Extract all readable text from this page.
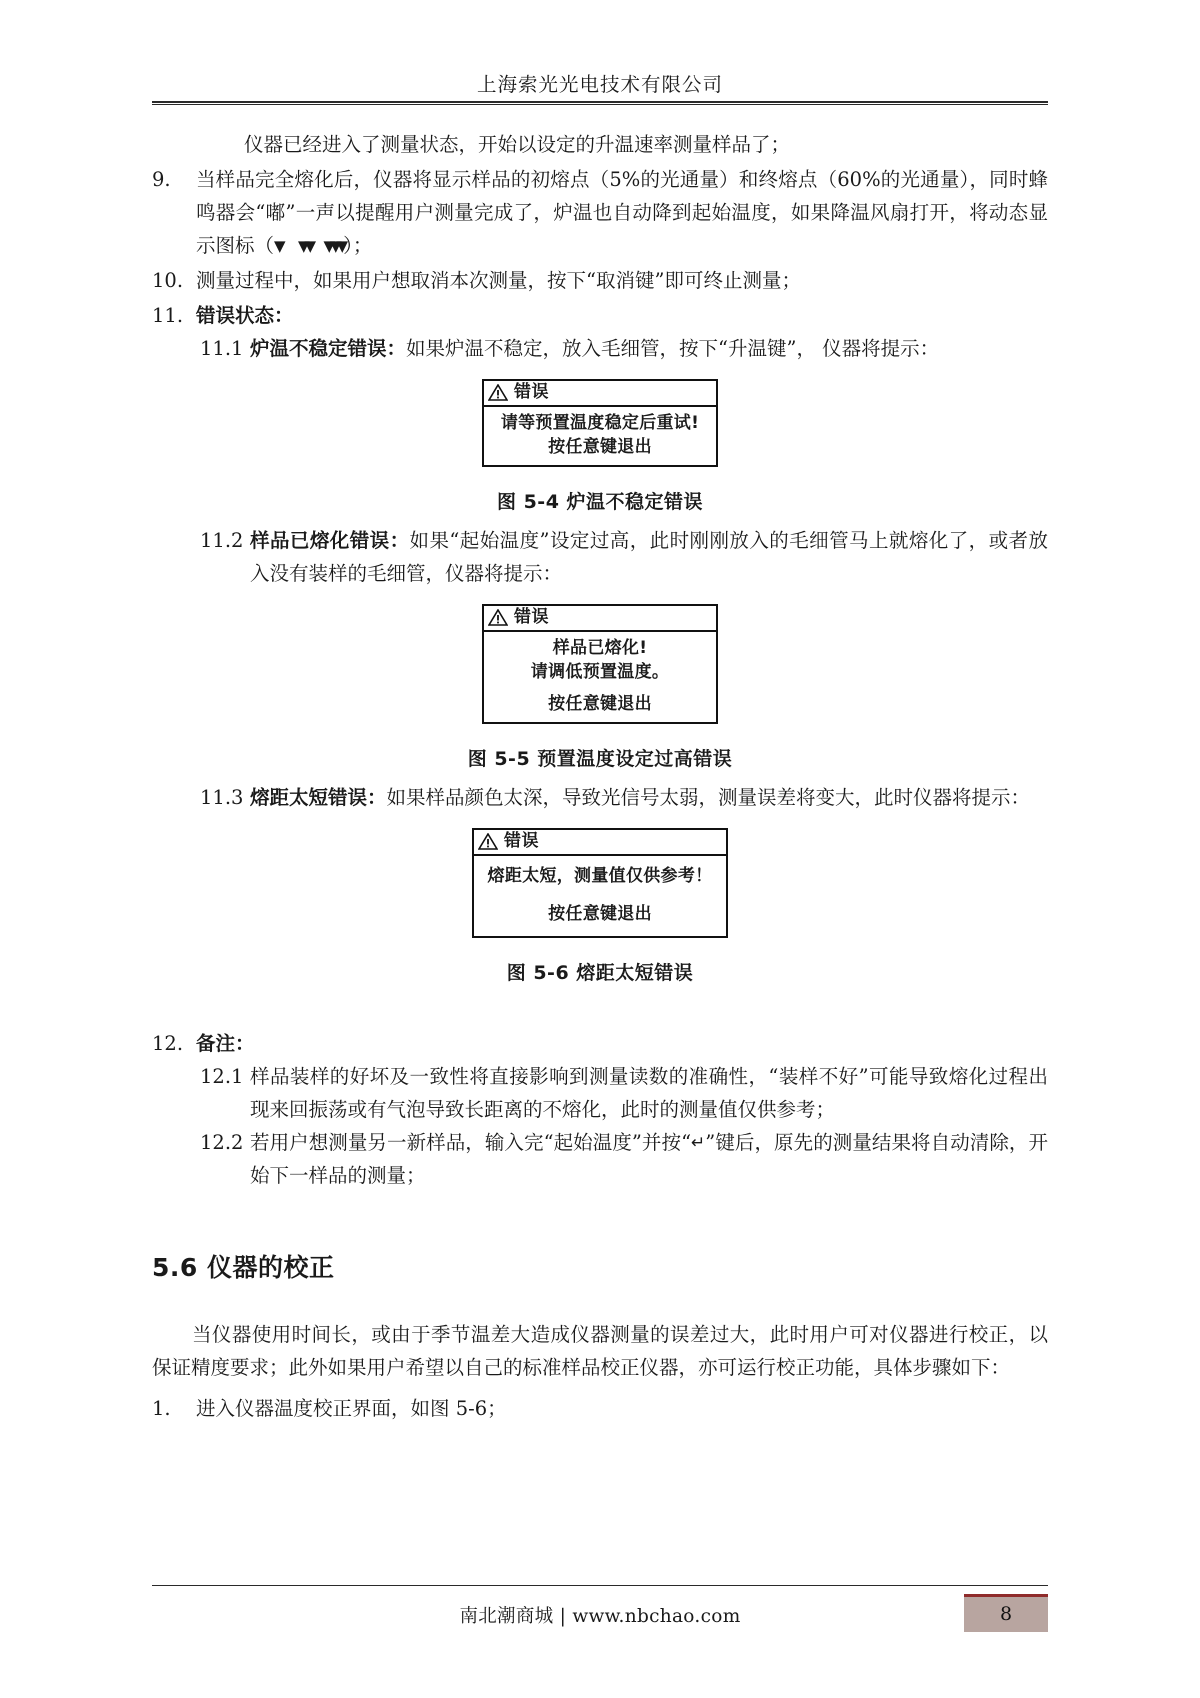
上海索光光电技术有限公司
仪器已经进入了测量状态，开始以设定的升温速率测量样品了；
9.	当样品完全熔化后，仪器将显示样品的初熔点（5%的光通量）和终熔点（60%的光通量），同时蜂鸣器会“嘟”一声以提醒用户测量完成了，炉温也自动降到起始温度，如果降温风扇打开，将动态显示图标（▼ ▼▼ ▼▼▼）；
10. 测量过程中，如果用户想取消本次测量，按下“取消键”即可终止测量；
11. 错误状态：
11.1 炉温不稳定错误：如果炉温不稳定，放入毛细管，按下“升温键”， 仪器将提示：
错误
请等预置温度稳定后重试!
按任意键退出
图 5-4 炉温不稳定错误
11.2 样品已熔化错误：如果“起始温度”设定过高，此时刚刚放入的毛细管马上就熔化了，或者放入没有装样的毛细管，仪器将提示：
错误
样品已熔化!
请调低预置温度。
按任意键退出
图 5-5 预置温度设定过高错误
11.3 熔距太短错误：如果样品颜色太深，导致光信号太弱，测量误差将变大，此时仪器将提示：
错误
熔距太短，测量值仅供参考！
按任意键退出
图 5-6 熔距太短错误
12. 备注：
12.1 样品装样的好坏及一致性将直接影响到测量读数的准确性，“装样不好”可能导致熔化过程出现来回振荡或有气泡导致长距离的不熔化，此时的测量值仅供参考；
12.2 若用户想测量另一新样品，输入完“起始温度”并按“↵”键后，原先的测量结果将自动清除，开始下一样品的测量；
5.6 仪器的校正
当仪器使用时间长，或由于季节温差大造成仪器测量的误差过大，此时用户可对仪器进行校正，以保证精度要求；此外如果用户希望以自己的标准样品校正仪器，亦可运行校正功能，具体步骤如下：
1.	进入仪器温度校正界面，如图 5-6；
南北潮商城 | www.nbchao.com	8
